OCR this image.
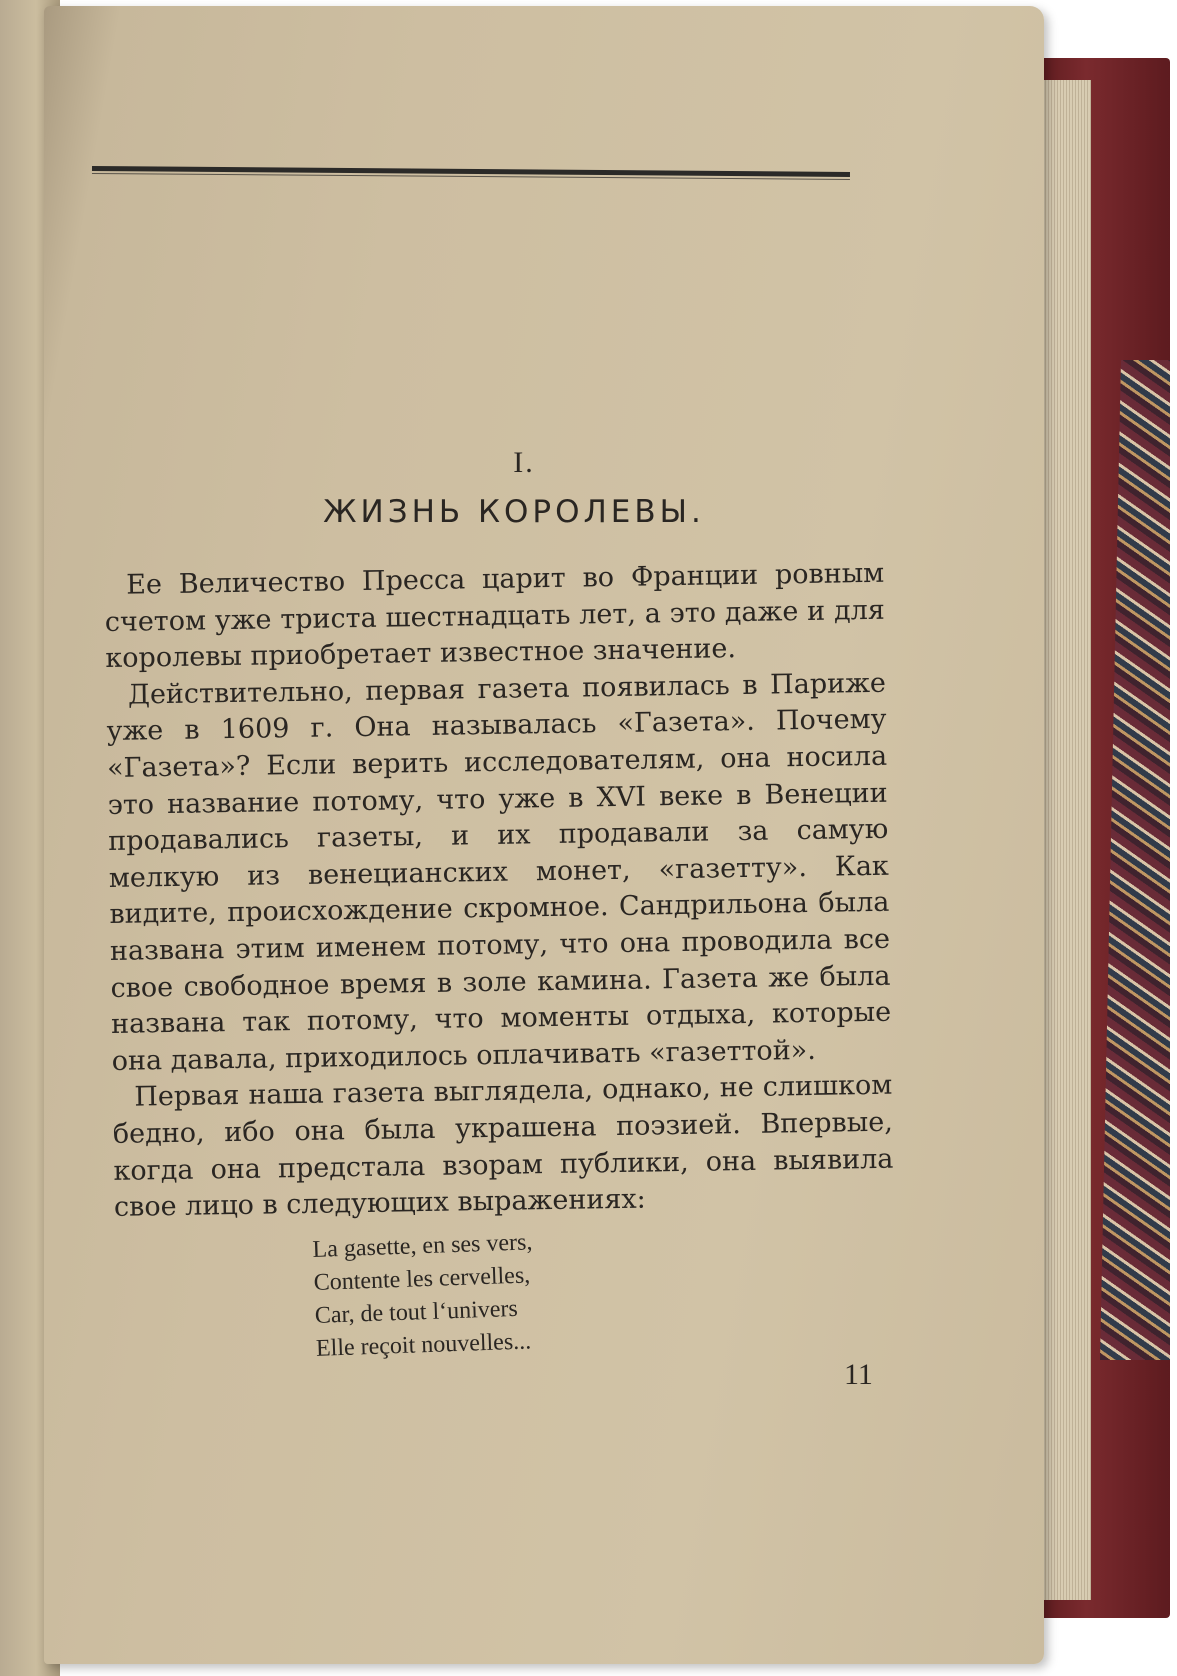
I.
ЖИЗНЬ КОРОЛЕВЫ.

Ее Величество Пресса царит во Франции ровным счетом уже триста шестнадцать лет, а это даже и для королевы приобретает известное значение.

Действительно, первая газета появилась в Париже уже в 1609 г. Она называлась «Газета». Почему «Газета»? Если верить исследователям, она носила это название потому, что уже в XVI веке в Венеции продавались газеты, и их продавали за самую мелкую из венецианских монет, «газетту». Как видите, происхождение скромное. Сандрильона была названа этим именем потому, что она проводила все свое свободное время в золе камина. Газета же была названа так потому, что моменты отдыха, которые она давала, приходилось оплачивать «газеттой».

Первая наша газета выглядела, однако, не слишком бедно, ибо она была украшена поэзией. Впервые, когда она предстала взорам публики, она выявила свое лицо в следующих выражениях:

La gasette, en ses vers,
Contente les cervelles,
Car, de tout l‘univers
Elle reçoit nouvelles...
11
